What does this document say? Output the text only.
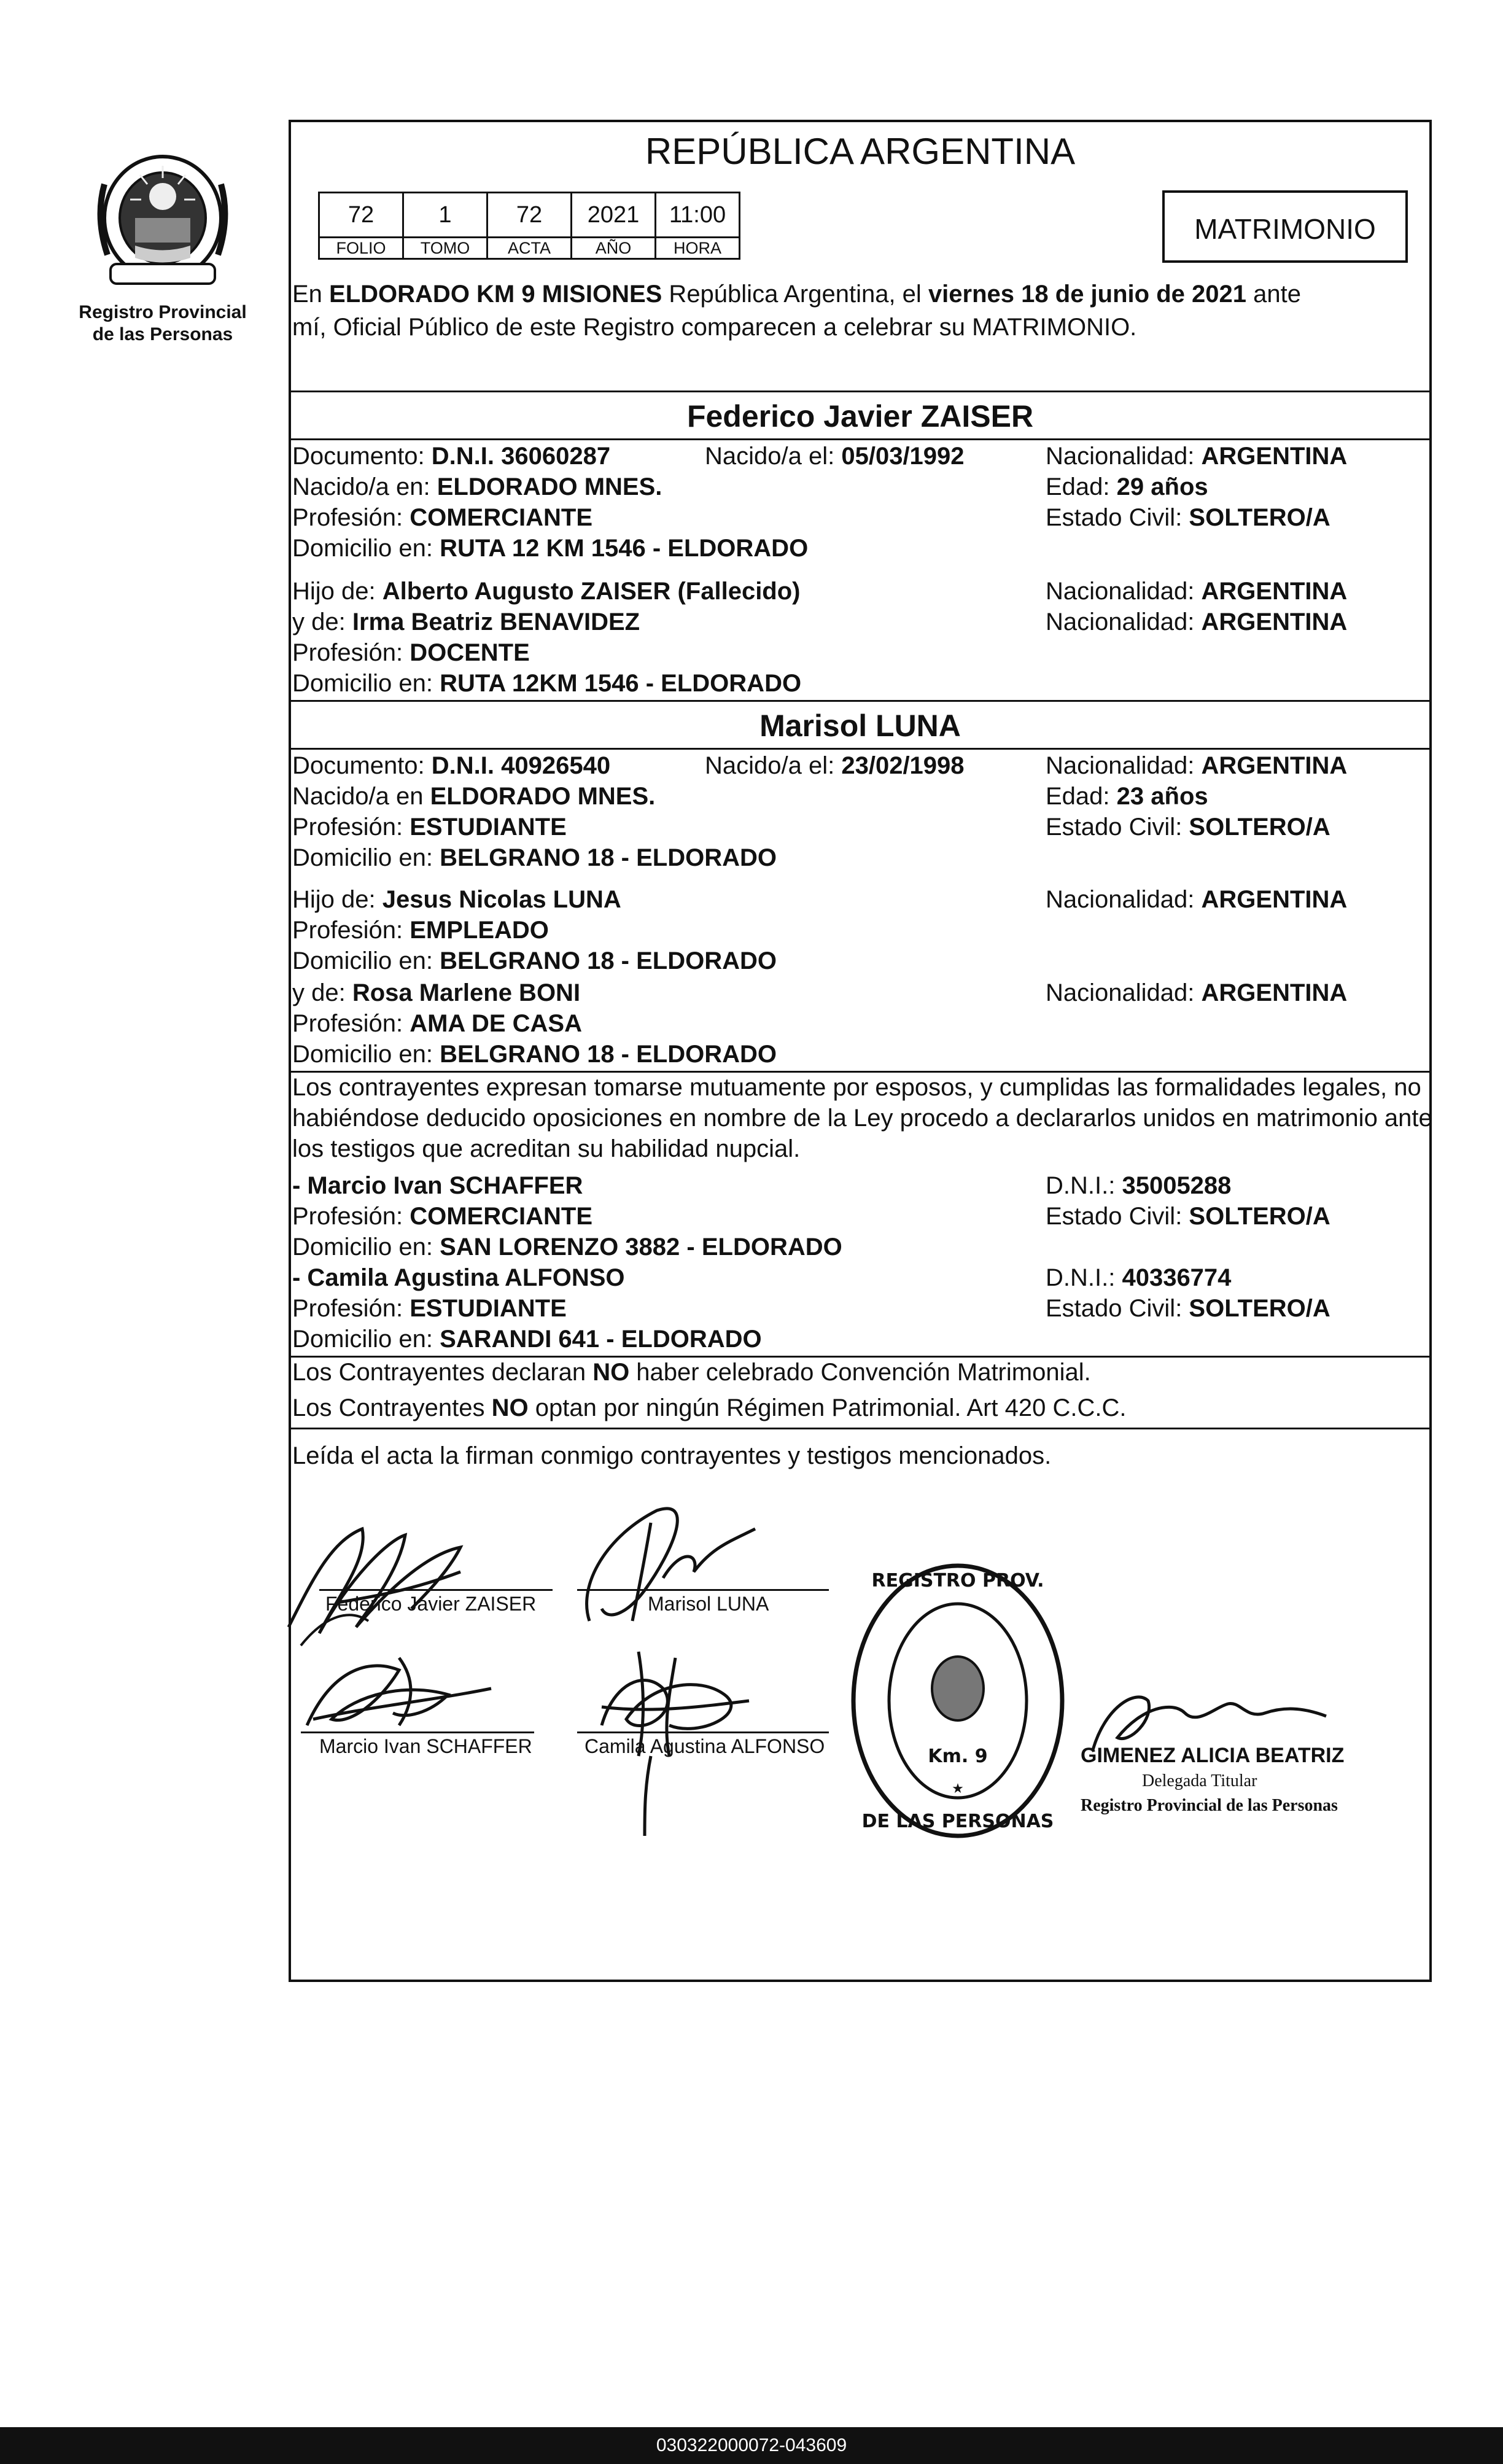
Registro Provincial
de las Personas
REPÚBLICA ARGENTINA
72	1	72	2021	11:00
FOLIO	TOMO	ACTA	AÑO	HORA
MATRIMONIO
En ELDORADO KM 9 MISIONES República Argentina, el viernes 18 de junio de 2021 ante
mí, Oficial Público de este Registro comparecen a celebrar su MATRIMONIO.
Federico Javier ZAISER
Documento: D.N.I. 36060287	Nacido/a el: 05/03/1992	Nacionalidad: ARGENTINA
Nacido/a en: ELDORADO MNES.	Edad: 29 años
Profesión: COMERCIANTE	Estado Civil: SOLTERO/A
Domicilio en: RUTA 12 KM 1546 - ELDORADO
Hijo de: Alberto Augusto ZAISER (Fallecido)	Nacionalidad: ARGENTINA
y de: Irma Beatriz BENAVIDEZ	Nacionalidad: ARGENTINA
Profesión: DOCENTE
Domicilio en: RUTA 12KM 1546 - ELDORADO
Marisol LUNA
Documento: D.N.I. 40926540	Nacido/a el: 23/02/1998	Nacionalidad: ARGENTINA
Nacido/a en ELDORADO MNES.	Edad: 23 años
Profesión: ESTUDIANTE	Estado Civil: SOLTERO/A
Domicilio en: BELGRANO 18 - ELDORADO
Hijo de: Jesus Nicolas LUNA	Nacionalidad: ARGENTINA
Profesión: EMPLEADO
Domicilio en: BELGRANO 18 - ELDORADO
y de: Rosa Marlene BONI	Nacionalidad: ARGENTINA
Profesión: AMA DE CASA
Domicilio en: BELGRANO 18 - ELDORADO
Los contrayentes expresan tomarse mutuamente por esposos, y cumplidas las formalidades legales, no
habiéndose deducido oposiciones en nombre de la Ley procedo a declararlos unidos en matrimonio ante
los testigos que acreditan su habilidad nupcial.
- Marcio Ivan SCHAFFER	D.N.I.: 35005288
Profesión: COMERCIANTE	Estado Civil: SOLTERO/A
Domicilio en: SAN LORENZO 3882 - ELDORADO
- Camila Agustina ALFONSO	D.N.I.: 40336774
Profesión: ESTUDIANTE	Estado Civil: SOLTERO/A
Domicilio en: SARANDI 641 - ELDORADO
Los Contrayentes declaran NO haber celebrado Convención Matrimonial.
Los Contrayentes NO optan por ningún Régimen Patrimonial. Art 420 C.C.C.
Leída el acta la firman conmigo contrayentes y testigos mencionados.
Federico Javier ZAISER	Marisol LUNA
Marcio Ivan SCHAFFER	Camila Agustina ALFONSO
REGISTRO PROV.
DE LAS PERSONAS
Km. 9
★
GIMENEZ ALICIA BEATRIZ
Delegada Titular
Registro Provincial de las Personas
030322000072-043609
